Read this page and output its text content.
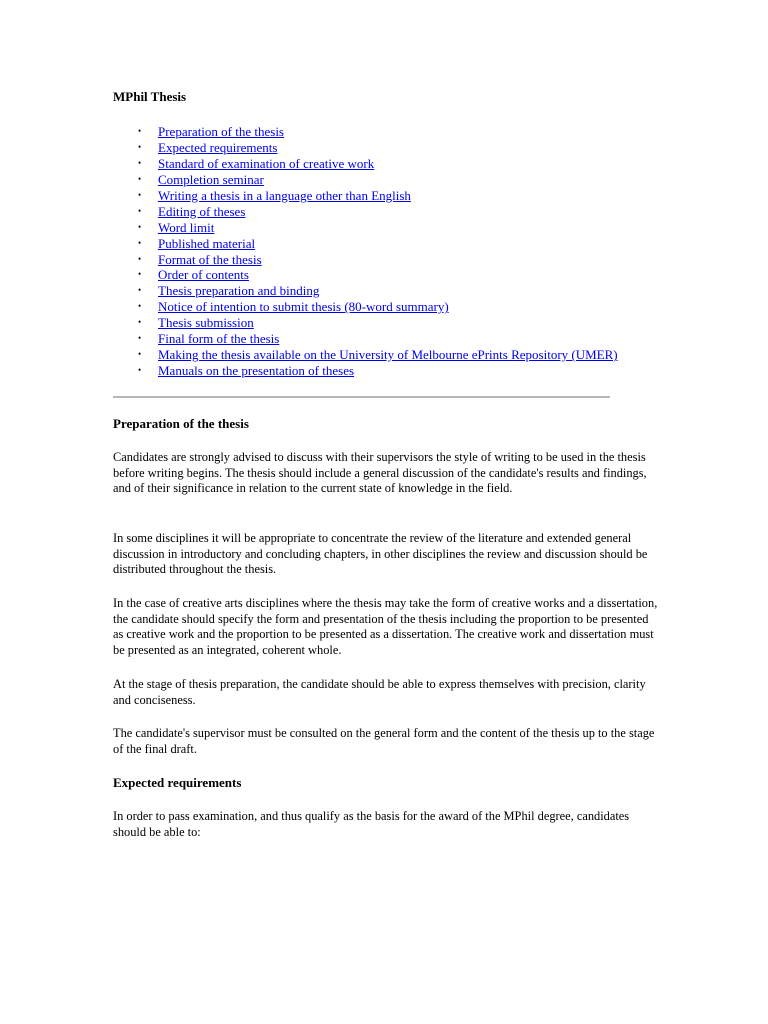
MPhil Thesis
• Preparation of the thesis
• Expected requirements
• Standard of examination of creative work
• Completion seminar
• Writing a thesis in a language other than English
• Editing of theses
• Word limit
• Published material
• Format of the thesis
• Order of contents
• Thesis preparation and binding
• Notice of intention to submit thesis (80-word summary)
• Thesis submission
• Final form of the thesis
• Making the thesis available on the University of Melbourne ePrints Repository (UMER)
• Manuals on the presentation of theses
Preparation of the thesis

Candidates are strongly advised to discuss with their supervisors the style of writing to be used in the thesis before writing begins. The thesis should include a general discussion of the candidate's results and findings, and of their significance in relation to the current state of knowledge in the field.

In some disciplines it will be appropriate to concentrate the review of the literature and extended general discussion in introductory and concluding chapters, in other disciplines the review and discussion should be distributed throughout the thesis.

In the case of creative arts disciplines where the thesis may take the form of creative works and a dissertation, the candidate should specify the form and presentation of the thesis including the proportion to be presented as creative work and the proportion to be presented as a dissertation. The creative work and dissertation must be presented as an integrated, coherent whole.

At the stage of thesis preparation, the candidate should be able to express themselves with precision, clarity and conciseness.

The candidate's supervisor must be consulted on the general form and the content of the thesis up to the stage of the final draft.

Expected requirements

In order to pass examination, and thus qualify as the basis for the award of the MPhil degree, candidates should be able to:
